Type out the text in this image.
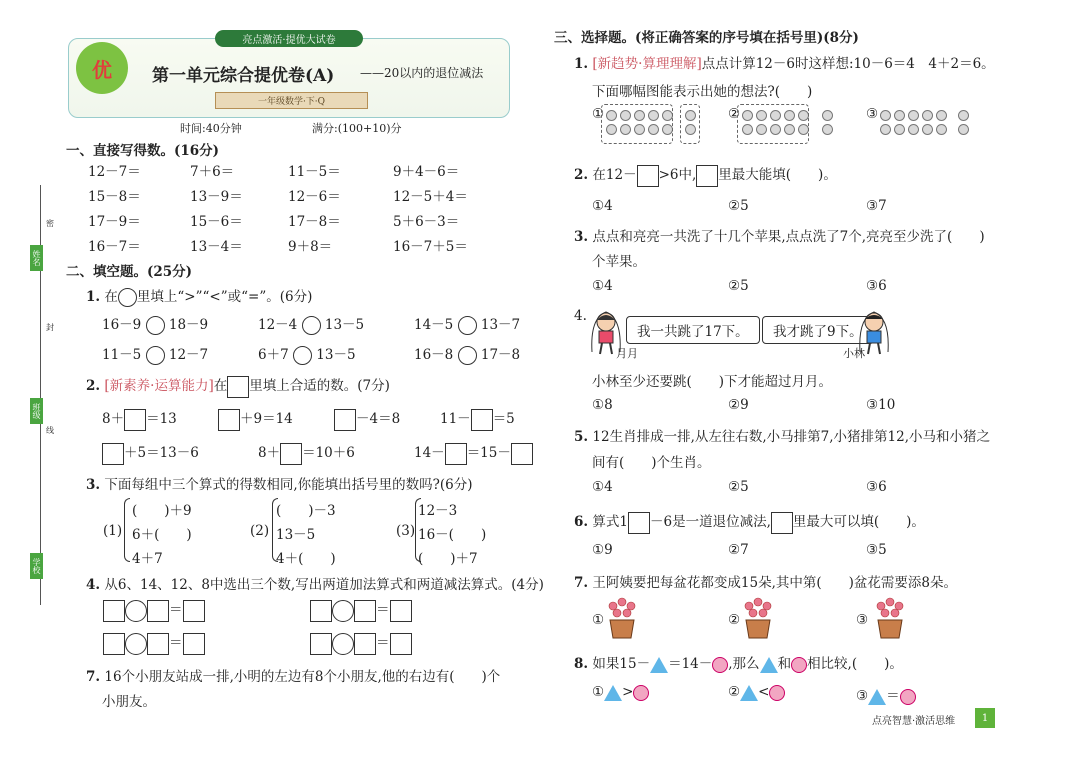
姓名
班级
学校
密
封
线
亮点激活·提优大试卷
优	第一单元综合提优卷(A) ——20以内的退位减法
一年级数学·下·Q
时间:40分钟	满分:(100+10)分
一、直接写得数。(16分)
12－7＝	7＋6＝	11－5＝	9＋4－6＝
15－8＝	13－9＝	12－6＝	12－5＋4＝
17－9＝	15－6＝	17－8＝	5＋6－3＝
16－7＝	13－4＝	9＋8＝	16－7＋5＝
二、填空题。(25分)
1. 在 里填上“>”“<”或“=”。(6分)
16－9 18－9	12－4 13－5	14－5 13－7
11－5 12－7	6＋7 13－5	16－8 17－8
2. [新素养·运算能力]在 里填上合适的数。(7分)
8＋ ＝13	＋9＝14	－4＝8	11－ ＝5
＋5＝13－6	8＋ ＝10＋6	14－ ＝15－
3. 下面每组中三个算式的得数相同,你能填出括号里的数吗?(6分)
(1)
(　　)＋9
6＋(　　)
4＋7
(2)
(　　)－3
13－5
4＋(　　)
(3)
12－3
16－(　　)
(　　)＋7
4. 从6、14、12、8中选出三个数,写出两道加法算式和两道减法算式。(4分)
＝	＝
＝	＝
7. 16个小朋友站成一排,小明的左边有8个小朋友,他的右边有(　　)个
小朋友。
三、选择题。(将正确答案的序号填在括号里)(8分)
1. [新趋势·算理理解]点点计算12－6时这样想:10－6＝4　4＋2＝6。
下面哪幅图能表示出她的想法?(　　)
①	②	③
2. 在12－ >6中, 里最大能填(　　)。
①4	②5	③7
3. 点点和亮亮一共洗了十几个苹果,点点洗了7个,亮亮至少洗了(　　)
个苹果。
①4	②5	③6
4.
我一共跳了17下。	我才跳了9下。
月月	小林
小林至少还要跳(　　)下才能超过月月。
①8	②9	③10
5. 12生肖排成一排,从左往右数,小马排第7,小猪排第12,小马和小猪之
间有(　　)个生肖。
①4	②5	③6
6. 算式1 －6是一道退位减法, 里最大可以填(　　)。
①9	②7	③5
7. 王阿姨要把每盆花都变成15朵,其中第(　　)盆花需要添8朵。
①	②	③
8. 如果15－ ＝14－ ,那么 和 相比较,(　　)。
① >	② <	③ ＝
点亮智慧·激活思维	1
